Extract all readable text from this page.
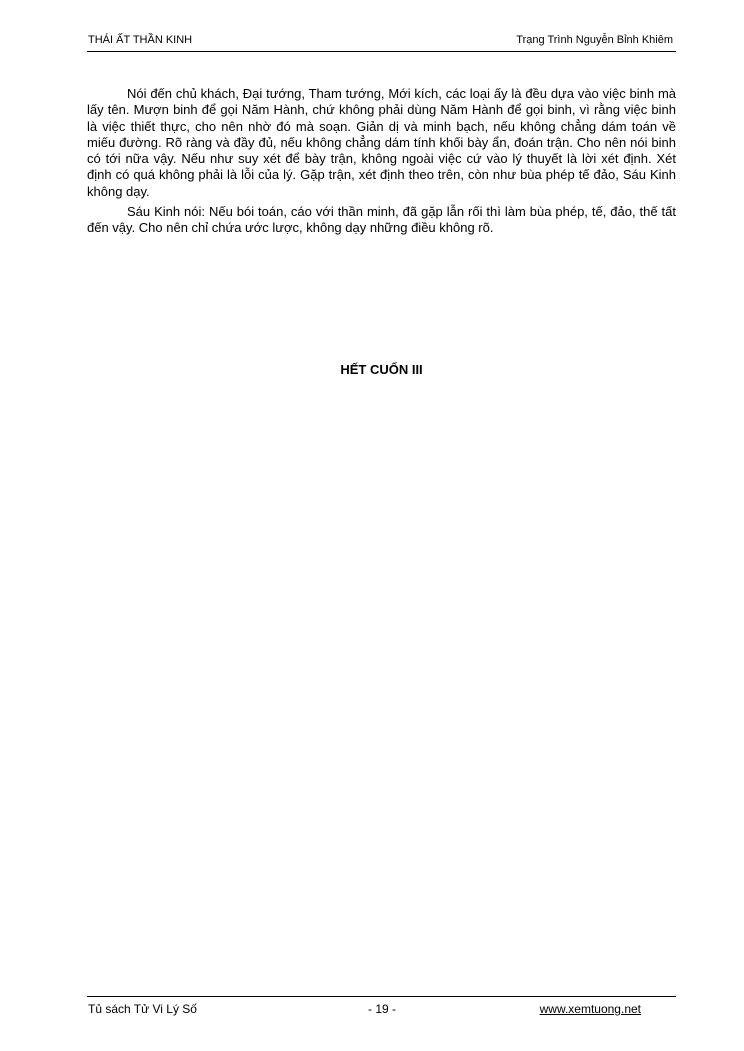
THÁI ẤT THẦN KINH	Trạng Trình Nguyễn Bỉnh Khiêm

Nói đến chủ khách, Đại tướng, Tham tướng, Mới kích, các loại ấy là đều dựa vào việc binh mà lấy tên. Mượn binh để gọi Năm Hành, chứ không phải dùng Năm Hành để gọi binh, vì rằng việc binh là việc thiết thực, cho nên nhờ đó mà soạn. Giản dị và minh bạch, nếu không chẳng dám toán về miếu đường. Rõ ràng và đầy đủ, nếu không chẳng dám tính khối bày ẩn, đoán trận. Cho nên nói binh có tới nữa vậy. Nếu như suy xét để bày trận, không ngoài việc cứ vào lý thuyết là lời xét định. Xét định có quá không phải là lỗi của lý. Gặp trận, xét định theo trên, còn như bùa phép tế đảo, Sáu Kinh không dạy.

Sáu Kinh nói: Nếu bói toán, cáo với thần minh, đã gặp lẫn rối thì làm bùa phép, tế, đảo, thế tất đến vậy. Cho nên chỉ chứa ước lược, không dạy những điều không rõ.

HẾT CUỐN III
Tủ sách Tử Vi Lý Số	- 19 -	www.xemtuong.net
